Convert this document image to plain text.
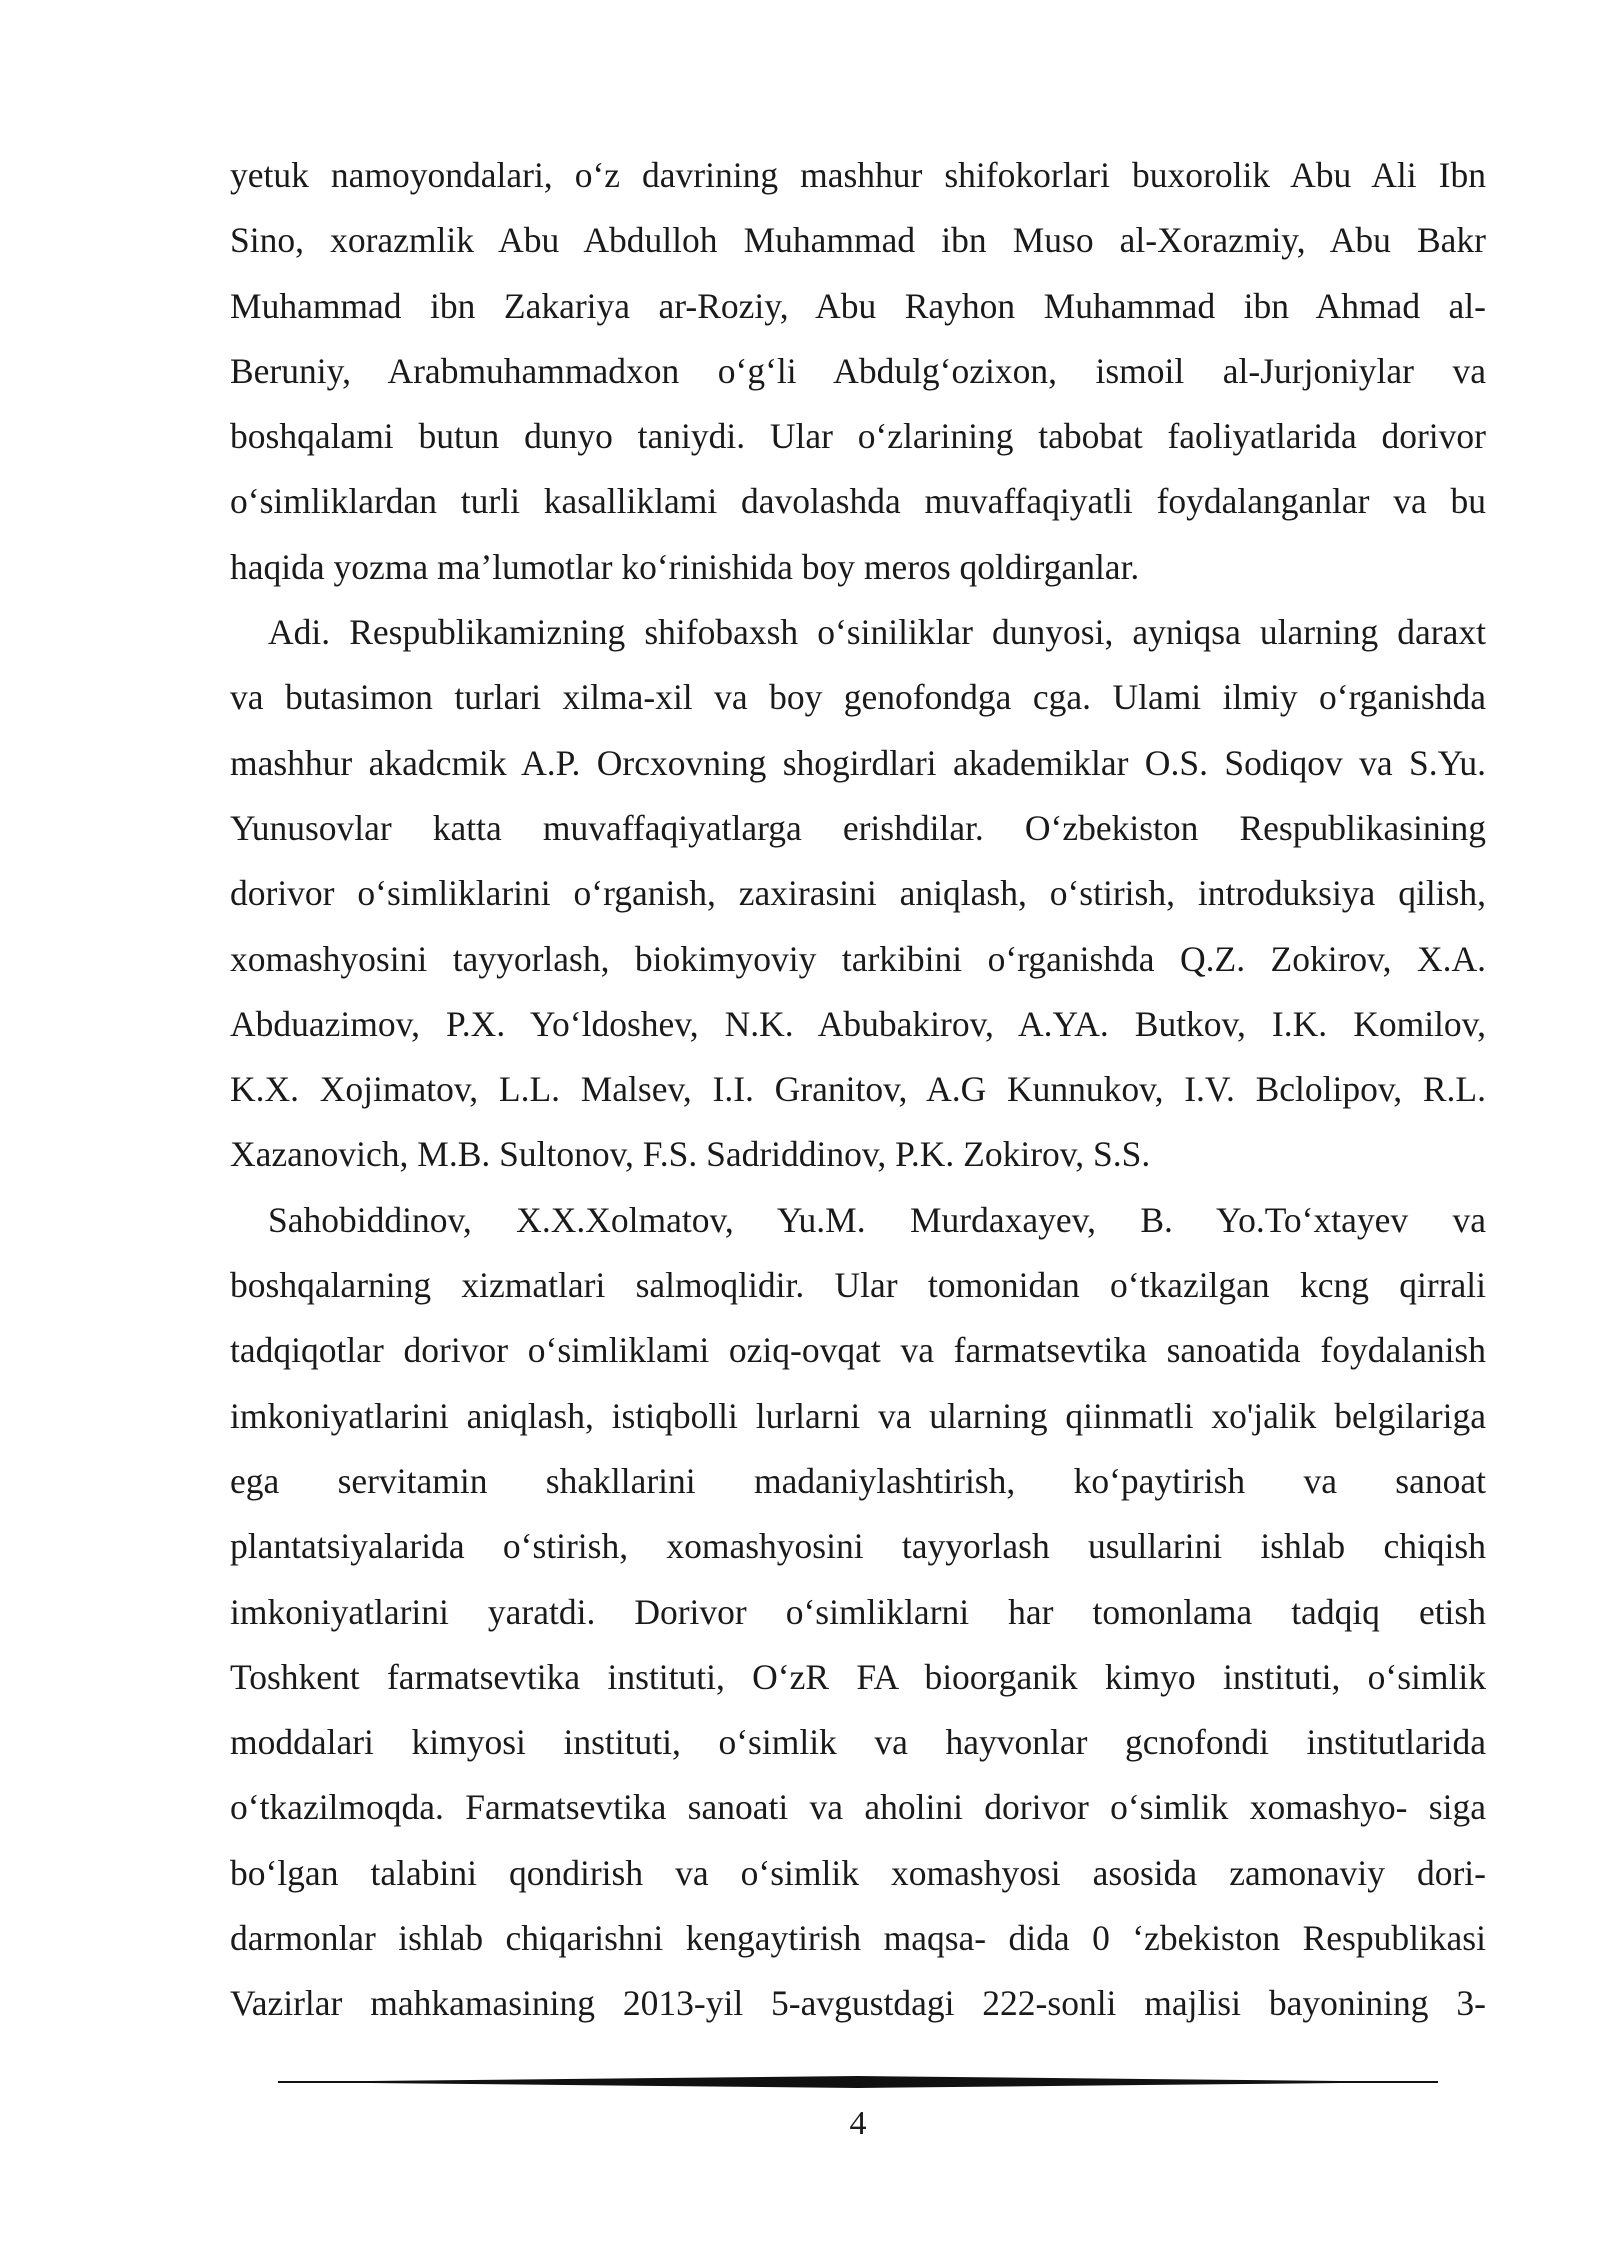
yetuk namoyondalari, o‘z davrining mashhur shifokorlari buxorolik Abu Ali Ibn
Sino, xorazmlik Abu Abdulloh Muhammad ibn Muso al-Xorazmiy, Abu Bakr
Muhammad ibn Zakariya ar-Roziy, Abu Rayhon Muhammad ibn Ahmad al-
Beruniy, Arabmuhammadxon o‘g‘li Abdulg‘ozixon, ismoil al-Jurjoniylar va
boshqalami butun dunyo taniydi. Ular o‘zlarining tabobat faoliyatlarida dorivor
o‘simliklardan turli kasalliklami davolashda muvaffaqiyatli foydalanganlar va bu
haqida yozma ma’lumotlar ko‘rinishida boy meros qoldirganlar.
Adi. Respublikamizning shifobaxsh o‘siniliklar dunyosi, ayniqsa ularning daraxt
va butasimon turlari xilma-xil va boy genofondga cga. Ulami ilmiy o‘rganishda
mashhur akadcmik A.P. Orcxovning shogirdlari akademiklar O.S. Sodiqov va S.Yu.
Yunusovlar katta muvaffaqiyatlarga erishdilar. O‘zbekiston Respublikasining
dorivor o‘simliklarini o‘rganish, zaxirasini aniqlash, o‘stirish, introduksiya qilish,
xomashyosini tayyorlash, biokimyoviy tarkibini o‘rganishda Q.Z. Zokirov, X.A.
Abduazimov, P.X. Yo‘ldoshev, N.K. Abubakirov, A.YA. Butkov, I.K. Komilov,
K.X. Xojimatov, L.L. Malsev, I.I. Granitov, A.G Kunnukov, I.V. Bclolipov, R.L.
Xazanovich, M.B. Sultonov, F.S. Sadriddinov, P.K. Zokirov, S.S.
Sahobiddinov, X.X.Xolmatov, Yu.M. Murdaxayev, B. Yo.To‘xtayev va
boshqalarning xizmatlari salmoqlidir. Ular tomonidan o‘tkazilgan kcng qirrali
tadqiqotlar dorivor o‘simliklami oziq-ovqat va farmatsevtika sanoatida foydalanish
imkoniyatlarini aniqlash, istiqbolli lurlarni va ularning qiinmatli xo'jalik belgilariga
ega servitamin shakllarini madaniylashtirish, ko‘paytirish va sanoat
plantatsiyalarida o‘stirish, xomashyosini tayyorlash usullarini ishlab chiqish
imkoniyatlarini yaratdi. Dorivor o‘simliklarni har tomonlama tadqiq etish
Toshkent farmatsevtika instituti, O‘zR FA bioorganik kimyo instituti, o‘simlik
moddalari kimyosi instituti, o‘simlik va hayvonlar gcnofondi institutlarida
o‘tkazilmoqda. Farmatsevtika sanoati va aholini dorivor o‘simlik xomashyo- siga
bo‘lgan talabini qondirish va o‘simlik xomashyosi asosida zamonaviy dori-
darmonlar ishlab chiqarishni kengaytirish maqsa- dida 0 ‘zbekiston Respublikasi
Vazirlar mahkamasining 2013-yil 5-avgustdagi 222-sonli majlisi bayonining 3-
4
